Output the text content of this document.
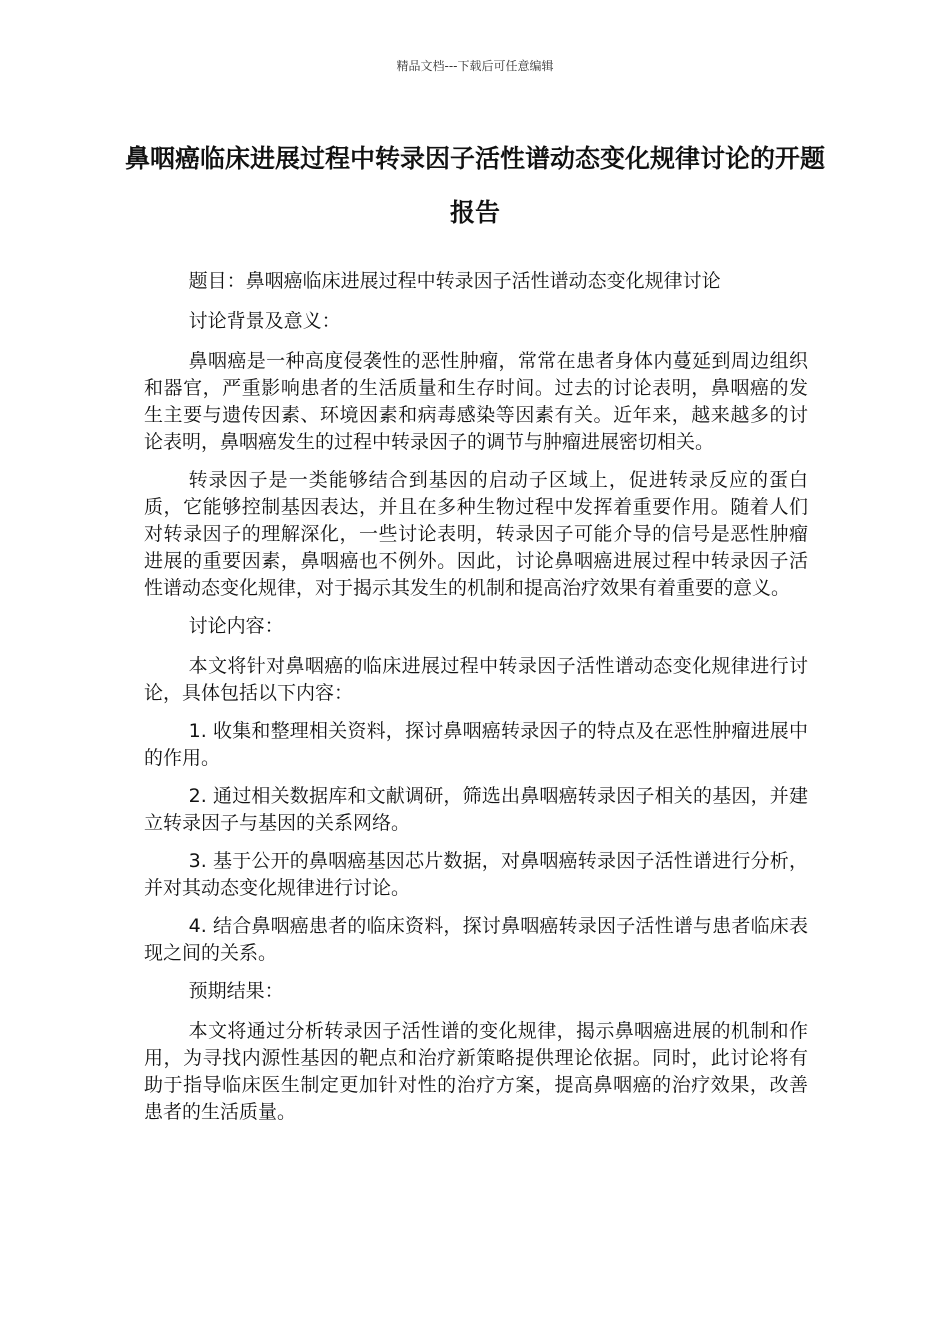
精品文档---下载后可任意编辑
鼻咽癌临床进展过程中转录因子活性谱动态变化规律讨论的开题报告

题目：鼻咽癌临床进展过程中转录因子活性谱动态变化规律讨论

讨论背景及意义：

鼻咽癌是一种高度侵袭性的恶性肿瘤，常常在患者身体内蔓延到周边组织和器官，严重影响患者的生活质量和生存时间。过去的讨论表明，鼻咽癌的发生主要与遗传因素、环境因素和病毒感染等因素有关。近年来，越来越多的讨论表明，鼻咽癌发生的过程中转录因子的调节与肿瘤进展密切相关。

转录因子是一类能够结合到基因的启动子区域上，促进转录反应的蛋白质，它能够控制基因表达，并且在多种生物过程中发挥着重要作用。随着人们对转录因子的理解深化，一些讨论表明，转录因子可能介导的信号是恶性肿瘤进展的重要因素，鼻咽癌也不例外。因此，讨论鼻咽癌进展过程中转录因子活性谱动态变化规律，对于揭示其发生的机制和提高治疗效果有着重要的意义。

讨论内容：

本文将针对鼻咽癌的临床进展过程中转录因子活性谱动态变化规律进行讨论，具体包括以下内容：

1. 收集和整理相关资料，探讨鼻咽癌转录因子的特点及在恶性肿瘤进展中的作用。

2. 通过相关数据库和文献调研，筛选出鼻咽癌转录因子相关的基因，并建立转录因子与基因的关系网络。

3. 基于公开的鼻咽癌基因芯片数据，对鼻咽癌转录因子活性谱进行分析，并对其动态变化规律进行讨论。

4. 结合鼻咽癌患者的临床资料，探讨鼻咽癌转录因子活性谱与患者临床表现之间的关系。

预期结果：

本文将通过分析转录因子活性谱的变化规律，揭示鼻咽癌进展的机制和作用，为寻找内源性基因的靶点和治疗新策略提供理论依据。同时，此讨论将有助于指导临床医生制定更加针对性的治疗方案，提高鼻咽癌的治疗效果，改善患者的生活质量。
